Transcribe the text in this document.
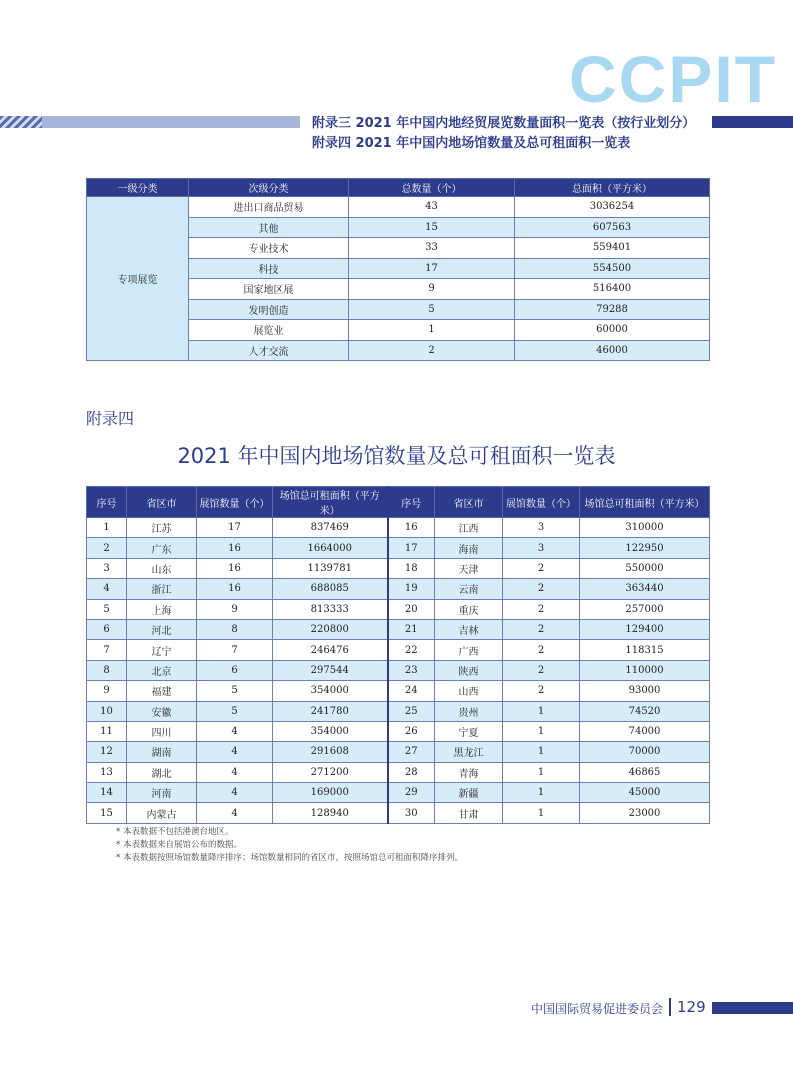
CCPIT
附录三 2021 年中国内地经贸展览数量面积一览表（按行业划分）
附录四 2021 年中国内地场馆数量及总可租面积一览表
一级分类	次级分类	总数量（个）	总面积（平方米）
专项展览	进出口商品贸易	43	3036254
	其他	15	607563
	专业技术	33	559401
	科技	17	554500
	国家地区展	9	516400
	发明创造	5	79288
	展览业	1	60000
	人才交流	2	46000
附录四
2021 年中国内地场馆数量及总可租面积一览表
序号	省区市	展馆数量（个）	场馆总可租面积（平方米）	序号	省区市	展馆数量（个）	场馆总可租面积（平方米）
1	江苏	17	837469	16	江西	3	310000
2	广东	16	1664000	17	海南	3	122950
3	山东	16	1139781	18	天津	2	550000
4	浙江	16	688085	19	云南	2	363440
5	上海	9	813333	20	重庆	2	257000
6	河北	8	220800	21	吉林	2	129400
7	辽宁	7	246476	22	广西	2	118315
8	北京	6	297544	23	陕西	2	110000
9	福建	5	354000	24	山西	2	93000
10	安徽	5	241780	25	贵州	1	74520
11	四川	4	354000	26	宁夏	1	74000
12	湖南	4	291608	27	黑龙江	1	70000
13	湖北	4	271200	28	青海	1	46865
14	河南	4	169000	29	新疆	1	45000
15	内蒙古	4	128940	30	甘肃	1	23000
* 本表数据不包括港澳台地区。
* 本表数据来自展馆公布的数据。
* 本表数据按照场馆数量降序排序；场馆数量相同的省区市，按照场馆总可租面积降序排列。
中国国际贸易促进委员会 129
